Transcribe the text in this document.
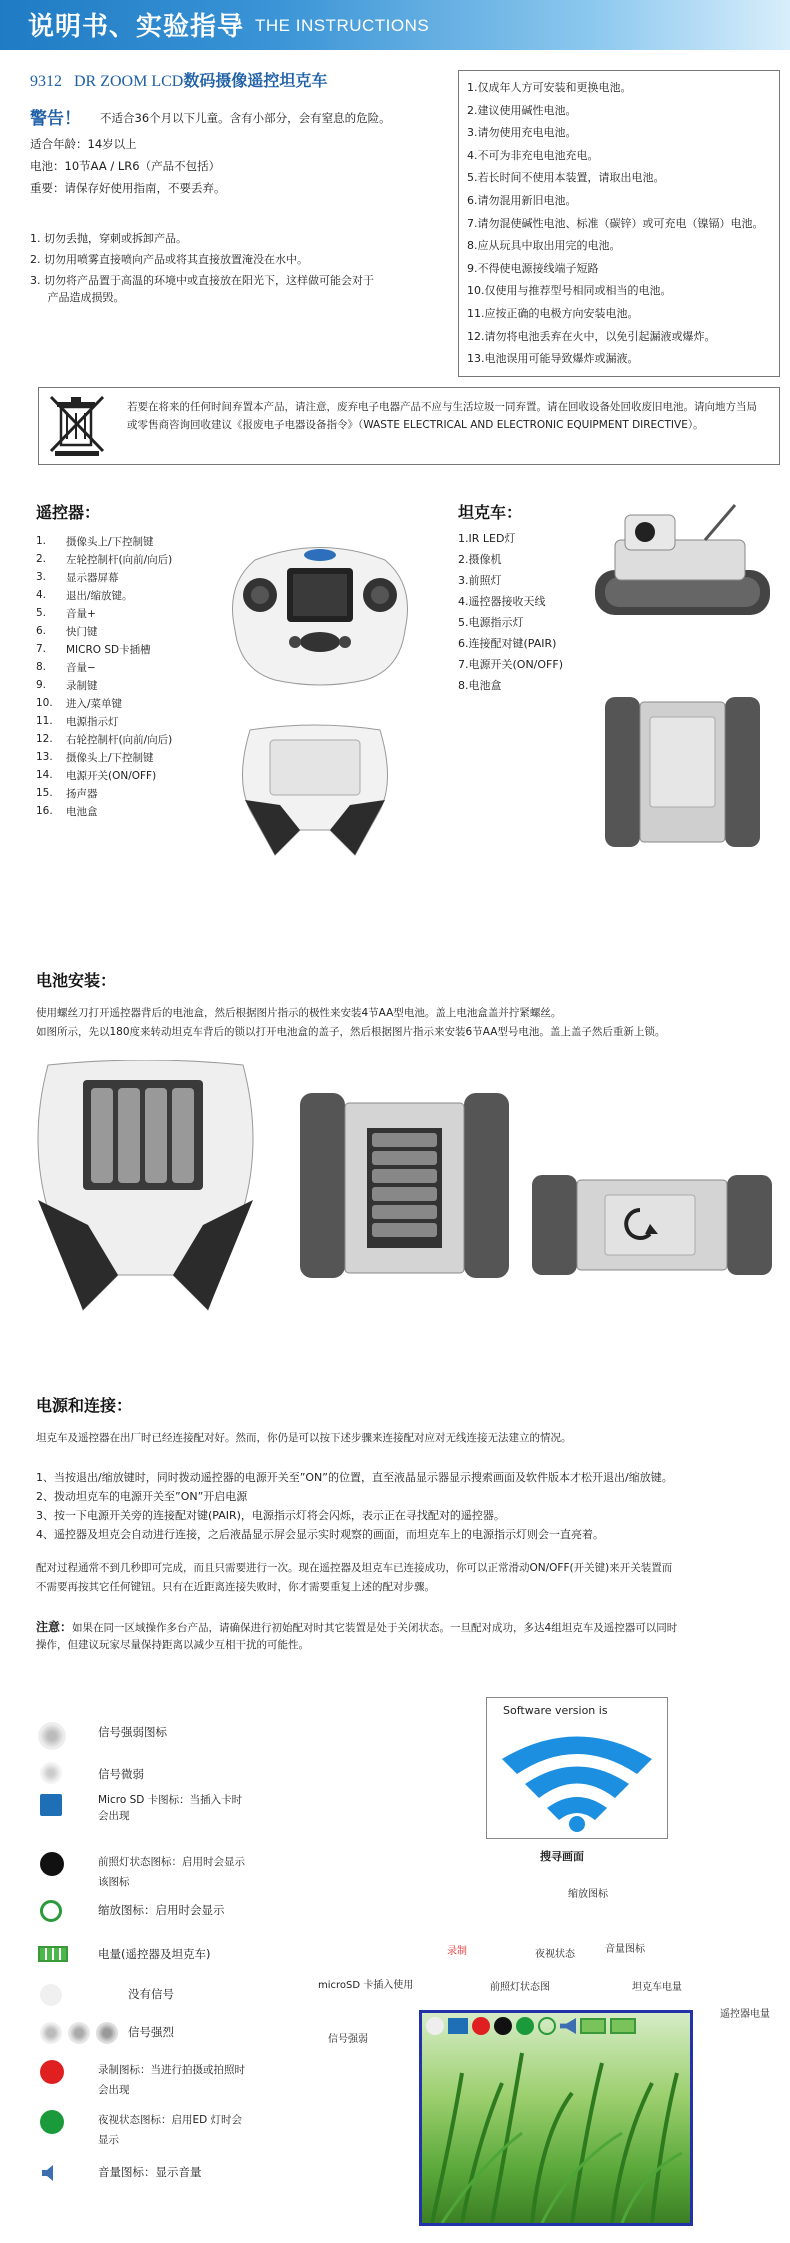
说明书、实验指导 THE INSTRUCTIONS
9312 DR ZOOM LCD数码摄像遥控坦克车
警告！ 不适合36个月以下儿童。含有小部分，会有窒息的危险。
适合年龄：14岁以上
电池：10节AA / LR6（产品不包括）
重要：请保存好使用指南，不要丢弃。
1. 切勿丢抛，穿刺或拆卸产品。
2. 切勿用喷雾直接喷向产品或将其直接放置淹没在水中。
3. 切勿将产品置于高温的环境中或直接放在阳光下，这样做可能会对于
产品造成损毁。
1.仅成年人方可安装和更换电池。
2.建议使用碱性电池。
3.请勿使用充电电池。
4.不可为非充电电池充电。
5.若长时间不使用本装置，请取出电池。
6.请勿混用新旧电池。
7.请勿混使碱性电池、标准（碳锌）或可充电（镍镉）电池。
8.应从玩具中取出用完的电池。
9.不得使电源接线端子短路
10.仅使用与推荐型号相同或相当的电池。
11.应按正确的电极方向安装电池。
12.请勿将电池丢弃在火中，以免引起漏液或爆炸。
13.电池误用可能导致爆炸或漏液。
若要在将来的任何时间弃置本产品，请注意，废弃电子电器产品不应与生活垃圾一同弃置。请在回收设备处回收废旧电池。请向地方当局或零售商咨询回收建议《报废电子电器设备指令》（WASTE ELECTRICAL AND ELECTRONIC EQUIPMENT DIRECTIVE）。
遥控器：
1.	摄像头上/下控制键
2.	左轮控制杆(向前/向后)
3.	显示器屏幕
4.	退出/缩放键。
5.	音量+
6.	快门键
7.	MICRO SD卡插槽
8.	音量−
9.	录制键
10.	进入/菜单键
11.	电源指示灯
12.	右轮控制杆(向前/向后)
13.	摄像头上/下控制键
14.	电源开关(ON/OFF)
15.	扬声器
16.	电池盒
坦克车：
1.IR LED灯
2.摄像机
3.前照灯
4.遥控器接收天线
5.电源指示灯
6.连接配对键(PAIR)
7.电源开关(ON/OFF)
8.电池盒
电池安装：
使用螺丝刀打开遥控器背后的电池盒，然后根据图片指示的极性来安装4节AA型电池。盖上电池盒盖并拧紧螺丝。
如图所示，先以180度来转动坦克车背后的锁以打开电池盒的盖子，然后根据图片指示来安装6节AA型号电池。盖上盖子然后重新上锁。
电源和连接：
坦克车及遥控器在出厂时已经连接配对好。然而，你仍是可以按下述步骤来连接配对应对无线连接无法建立的情况。
1、当按退出/缩放键时，同时拨动遥控器的电源开关至”ON”的位置，直至液晶显示器显示搜索画面及软件版本才松开退出/缩放键。
2、拨动坦克车的电源开关至”ON”开启电源
3、按一下电源开关旁的连接配对键(PAIR)，电源指示灯将会闪烁，表示正在寻找配对的遥控器。
4、遥控器及坦克会自动进行连接，之后液晶显示屏会显示实时观察的画面，而坦克车上的电源指示灯则会一直亮着。
配对过程通常不到几秒即可完成，而且只需要进行一次。现在遥控器及坦克车已连接成功，你可以正常滑动ON/OFF(开关键)来开关装置而
不需要再按其它任何键钮。只有在近距离连接失败时，你才需要重复上述的配对步骤。
注意：如果在同一区域操作多台产品，请确保进行初始配对时其它装置是处于关闭状态。一旦配对成功，多达4组坦克车及遥控器可以同时
操作，但建议玩家尽量保持距离以减少互相干扰的可能性。
信号强弱图标
信号微弱
Micro SD 卡图标：当插入卡时会出现
前照灯状态图标：启用时会显示该图标
缩放图标：启用时会显示
电量(遥控器及坦克车)
没有信号
信号强烈
录制图标：当进行拍摄或拍照时会出现
夜视状态图标：启用ED 灯时会显示
音量图标：显示音量
Software version is
搜寻画面
缩放图标
录制	夜视状态	音量图标
前照灯状态图
microSD 卡插入使用	坦克车电量
遥控器电量
信号强弱
